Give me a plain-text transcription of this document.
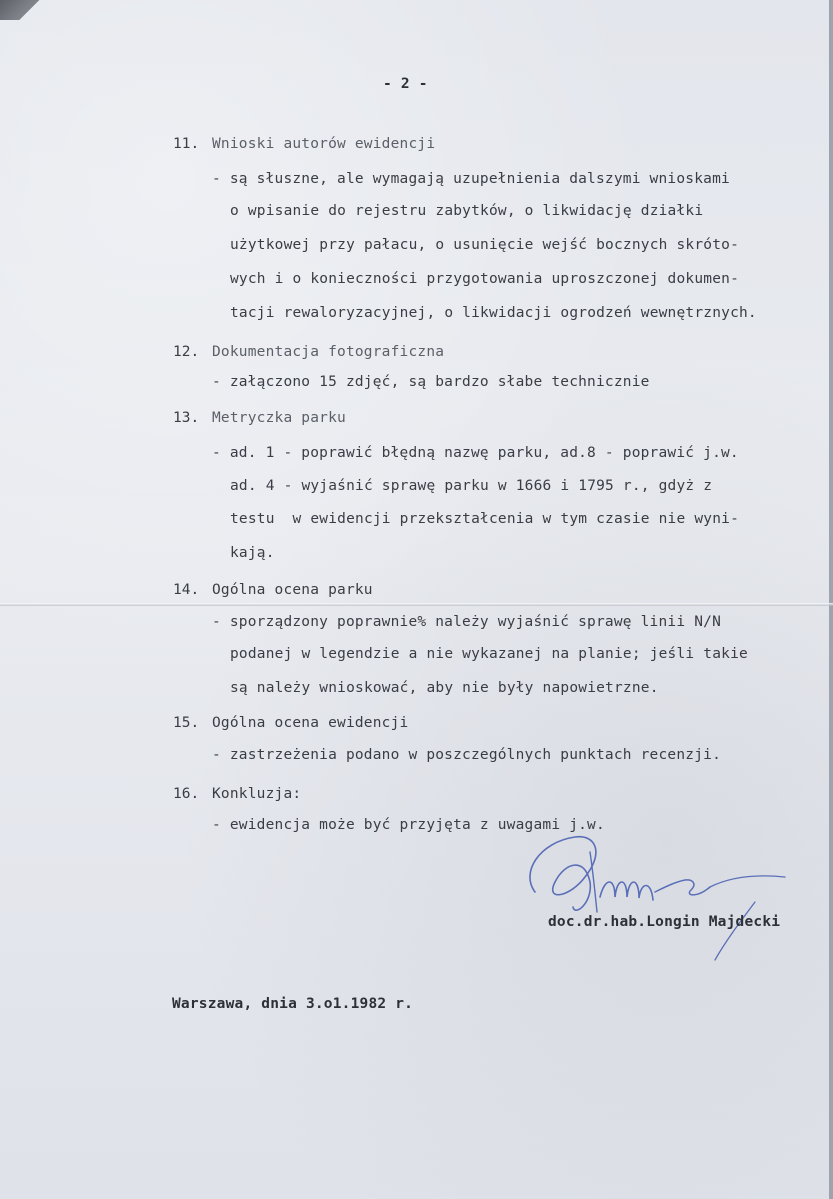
- 2 -
11. Wnioski autorów ewidencji
- są słuszne, ale wymagają uzupełnienia dalszymi wnioskami
o wpisanie do rejestru zabytków, o likwidację działki
użytkowej przy pałacu, o usunięcie wejść bocznych skróto-
wych i o konieczności przygotowania uproszczonej dokumen-
tacji rewaloryzacyjnej, o likwidacji ogrodzeń wewnętrznych.
12. Dokumentacja fotograficzna
- załączono 15 zdjęć, są bardzo słabe technicznie
13. Metryczka parku
- ad. 1 - poprawić błędną nazwę parku, ad.8 - poprawić j.w.
ad. 4 - wyjaśnić sprawę parku w 1666 i 1795 r., gdyż z
testu  w ewidencji przekształcenia w tym czasie nie wyni-
kają.
14. Ogólna ocena parku
- sporządzony poprawnie% należy wyjaśnić sprawę linii N/N
podanej w legendzie a nie wykazanej na planie; jeśli takie
są należy wnioskować, aby nie były napowietrzne.
15. Ogólna ocena ewidencji
- zastrzeżenia podano w poszczególnych punktach recenzji.
16. Konkluzja:
- ewidencja może być przyjęta z uwagami j.w.
doc.dr.hab.Longin Majdecki
Warszawa, dnia 3.o1.1982 r.
